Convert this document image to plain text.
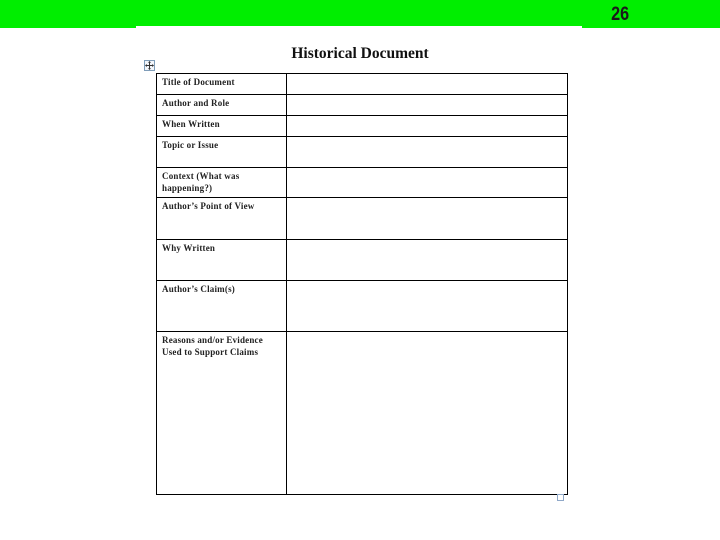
26
Historical Document
Title of Document	
Author and Role	
When Written	
Topic or Issue	
Context (What was happening?)	
Author’s Point of View	
Why Written	
Author’s Claim(s)	
Reasons and/or Evidence Used to Support Claims	
